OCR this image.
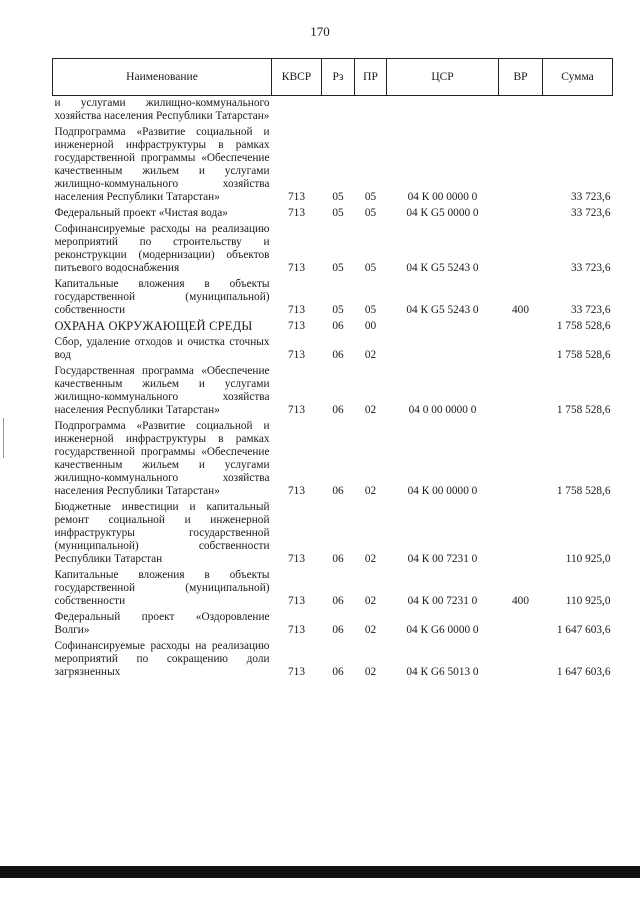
170
Наименование	КВСР	Рз	ПР	ЦСР	ВР	Сумма
и услугами жилищно-коммунального хозяйства населения Республики Татарстан»						
Подпрограмма «Развитие социальной и инженерной инфраструктуры в рамках государственной программы «Обеспечение качественным жильем и услугами жилищно-коммунального хозяйства населения Республики Татарстан»	713	05	05	04 К 00 0000 0		33 723,6
Федеральный проект «Чистая вода»	713	05	05	04 К G5 0000 0		33 723,6
Софинансируемые расходы на реализацию мероприятий по строительству и реконструкции (модернизации) объектов питьевого водоснабжения	713	05	05	04 К G5 5243 0		33 723,6
Капитальные вложения в объекты государственной (муниципальной) собственности	713	05	05	04 К G5 5243 0	400	33 723,6
ОХРАНА ОКРУЖАЮЩЕЙ СРЕДЫ	713	06	00			1 758 528,6
Сбор, удаление отходов и очистка сточных вод	713	06	02			1 758 528,6
Государственная программа «Обеспечение качественным жильем и услугами жилищно-коммунального хозяйства населения Республики Татарстан»	713	06	02	04 0 00 0000 0		1 758 528,6
Подпрограмма «Развитие социальной и инженерной инфраструктуры в рамках государственной программы «Обеспечение качественным жильем и услугами жилищно-коммунального хозяйства населения Республики Татарстан»	713	06	02	04 К 00 0000 0		1 758 528,6
Бюджетные инвестиции и капитальный ремонт социальной и инженерной инфраструктуры государственной (муниципальной) собственности Республики Татарстан	713	06	02	04 К 00 7231 0		110 925,0
Капитальные вложения в объекты государственной (муниципальной) собственности	713	06	02	04 К 00 7231 0	400	110 925,0
Федеральный проект «Оздоровление Волги»	713	06	02	04 К G6 0000 0		1 647 603,6
Софинансируемые расходы на реализацию мероприятий по сокращению доли загрязненных	713	06	02	04 К G6 5013 0		1 647 603,6
